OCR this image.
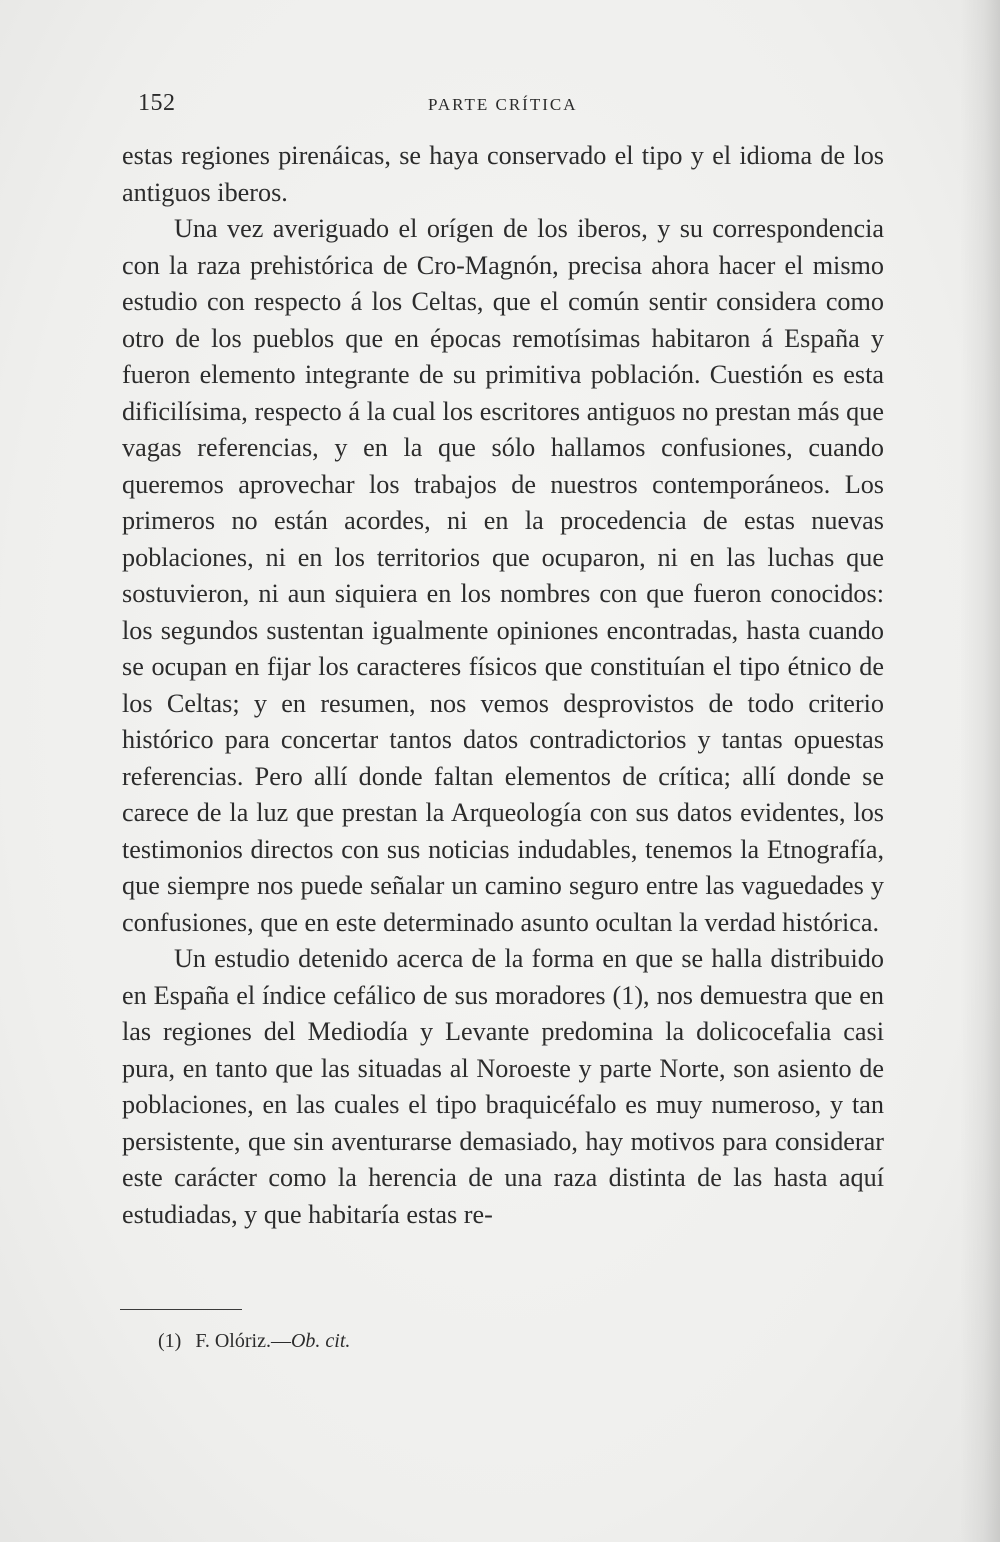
152	PARTE CRÍTICA

estas regiones pirenáicas, se haya conservado el tipo y el idioma de los antiguos iberos.

Una vez averiguado el orígen de los iberos, y su correspondencia con la raza prehistórica de Cro-Magnón, precisa ahora hacer el mismo estudio con respecto á los Celtas, que el común sentir considera como otro de los pueblos que en épocas remotísimas habitaron á España y fueron elemento integrante de su primitiva población. Cuestión es esta dificilísima, respecto á la cual los escritores antiguos no prestan más que vagas referencias, y en la que sólo hallamos confusiones, cuando queremos aprovechar los trabajos de nuestros contemporáneos. Los primeros no están acordes, ni en la procedencia de estas nuevas poblaciones, ni en los territorios que ocuparon, ni en las luchas que sostuvieron, ni aun siquiera en los nombres con que fueron conocidos: los segundos sustentan igualmente opiniones encontradas, hasta cuando se ocupan en fijar los caracteres físicos que constituían el tipo étnico de los Celtas; y en resumen, nos vemos desprovistos de todo criterio histórico para concertar tantos datos contradictorios y tantas opuestas referencias. Pero allí donde faltan elementos de crítica; allí donde se carece de la luz que prestan la Arqueología con sus datos evidentes, los testimonios directos con sus noticias indudables, tenemos la Etnografía, que siempre nos puede señalar un camino seguro entre las vaguedades y confusiones, que en este determinado asunto ocultan la verdad histórica.

Un estudio detenido acerca de la forma en que se halla distribuido en España el índice cefálico de sus moradores (1), nos demuestra que en las regiones del Mediodía y Levante predomina la dolicocefalia casi pura, en tanto que las situadas al Noroeste y parte Norte, son asiento de poblaciones, en las cuales el tipo braquicéfalo es muy numeroso, y tan persistente, que sin aventurarse demasiado, hay motivos para considerar este carácter como la herencia de una raza distinta de las hasta aquí estudiadas, y que habitaría estas re-

(1) F. Olóriz.—Ob. cit.
